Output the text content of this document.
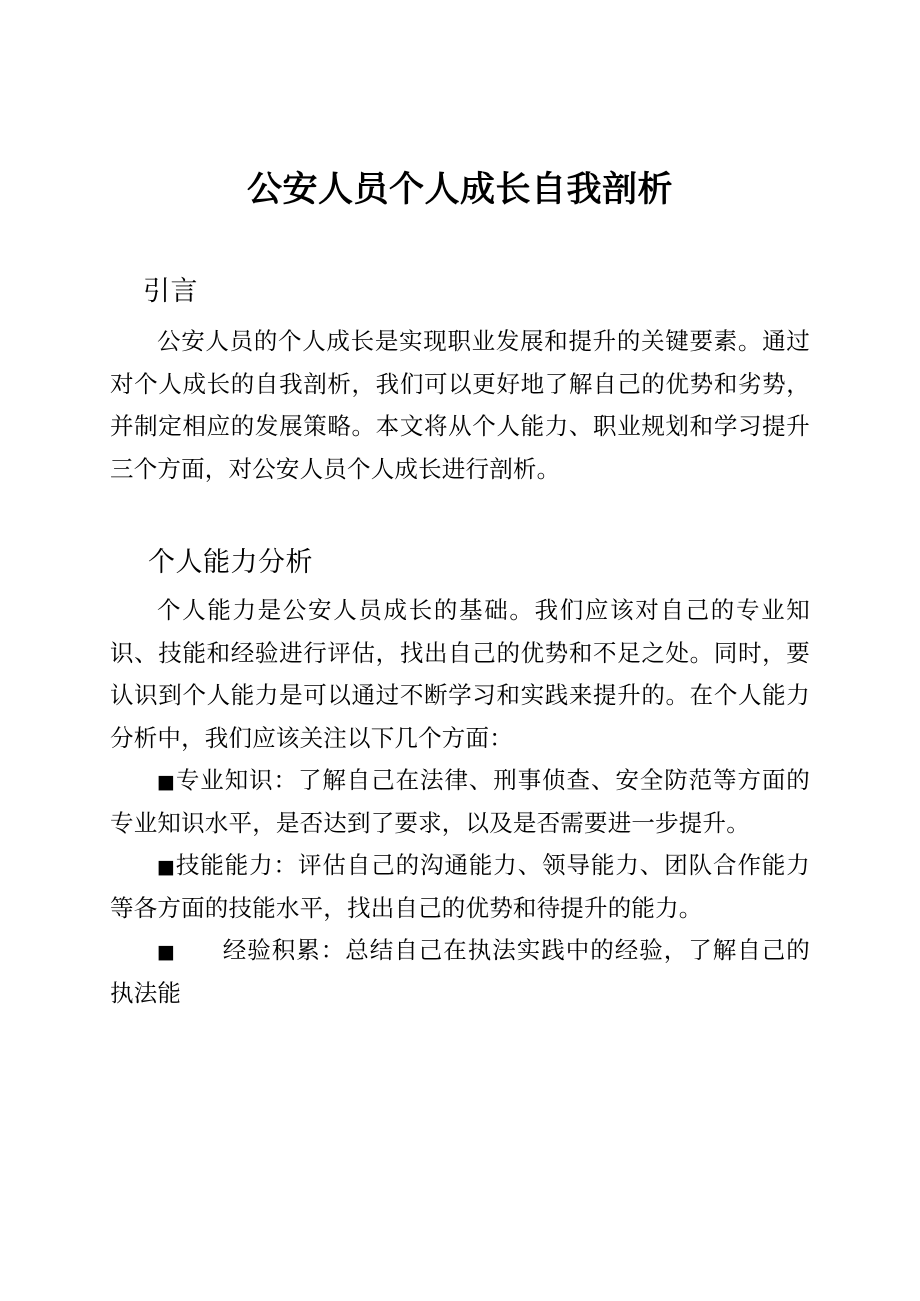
公安人员个人成长自我剖析
引言

公安人员的个人成长是实现职业发展和提升的关键要素。通过对个人成长的自我剖析，我们可以更好地了解自己的优势和劣势，并制定相应的发展策略。本文将从个人能力、职业规划和学习提升三个方面，对公安人员个人成长进行剖析。

个人能力分析

个人能力是公安人员成长的基础。我们应该对自己的专业知识、技能和经验进行评估，找出自己的优势和不足之处。同时，要认识到个人能力是可以通过不断学习和实践来提升的。在个人能力分析中，我们应该关注以下几个方面：

■专业知识：了解自己在法律、刑事侦查、安全防范等方面的专业知识水平，是否达到了要求，以及是否需要进一步提升。

■技能能力：评估自己的沟通能力、领导能力、团队合作能力等各方面的技能水平，找出自己的优势和待提升的能力。

■ 经验积累：总结自己在执法实践中的经验，了解自己的执法能
